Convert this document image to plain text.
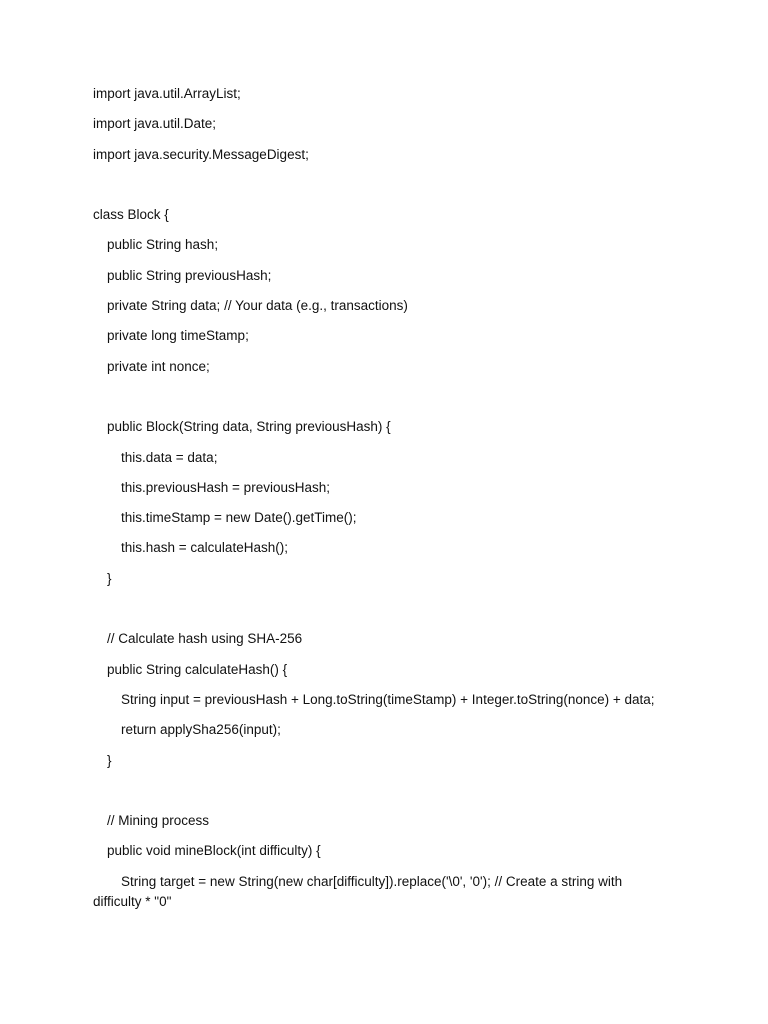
import java.util.ArrayList;
import java.util.Date;
import java.security.MessageDigest;
class Block {
public String hash;
public String previousHash;
private String data; // Your data (e.g., transactions)
private long timeStamp;
private int nonce;
public Block(String data, String previousHash) {
this.data = data;
this.previousHash = previousHash;
this.timeStamp = new Date().getTime();
this.hash = calculateHash();
}
// Calculate hash using SHA-256
public String calculateHash() {
String input = previousHash + Long.toString(timeStamp) + Integer.toString(nonce) + data;
return applySha256(input);
}
// Mining process
public void mineBlock(int difficulty) {
String target = new String(new char[difficulty]).replace('\0', '0'); // Create a string with difficulty * "0"
